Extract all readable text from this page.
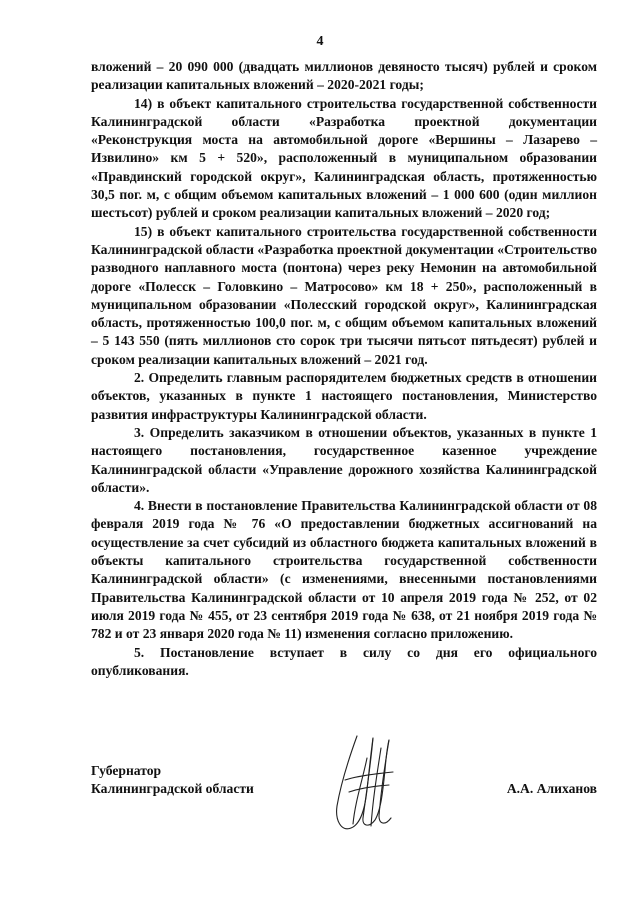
4

вложений – 20 090 000 (двадцать миллионов девяносто тысяч) рублей и сроком реализации капитальных вложений – 2020-2021 годы;

14) в объект капитального строительства государственной собственности Калининградской области «Разработка проектной документации «Реконструкция моста на автомобильной дороге «Вершины – Лазарево – Извилино» км 5 + 520», расположенный в муниципальном образовании «Правдинский городской округ», Калининградская область, протяженностью 30,5 пог. м, с общим объемом капитальных вложений – 1 000 600 (один миллион шестьсот) рублей и сроком реализации капитальных вложений – 2020 год;

15) в объект капитального строительства государственной собственности Калининградской области «Разработка проектной документации «Строительство разводного наплавного моста (понтона) через реку Немонин на автомобильной дороге «Полесск – Головкино – Матросово» км 18 + 250», расположенный в муниципальном образовании «Полесский городской округ», Калининградская область, протяженностью 100,0 пог. м, с общим объемом капитальных вложений – 5 143 550 (пять миллионов сто сорок три тысячи пятьсот пятьдесят) рублей и сроком реализации капитальных вложений – 2021 год.

2. Определить главным распорядителем бюджетных средств в отношении объектов, указанных в пункте 1 настоящего постановления, Министерство развития инфраструктуры Калининградской области.

3. Определить заказчиком в отношении объектов, указанных в пункте 1 настоящего постановления, государственное казенное учреждение Калининградской области «Управление дорожного хозяйства Калининградской области».

4. Внести в постановление Правительства Калининградской области от 08 февраля 2019 года № 76 «О предоставлении бюджетных ассигнований на осуществление за счет субсидий из областного бюджета капитальных вложений в объекты капитального строительства государственной собственности Калининградской области» (с изменениями, внесенными постановлениями Правительства Калининградской области от 10 апреля 2019 года № 252, от 02 июля 2019 года № 455, от 23 сентября 2019 года № 638, от 21 ноября 2019 года № 782 и от 23 января 2020 года № 11) изменения согласно приложению.

5. Постановление вступает в силу со дня его официального опубликования.

Губернатор
Калининградской области	А.А. Алиханов
